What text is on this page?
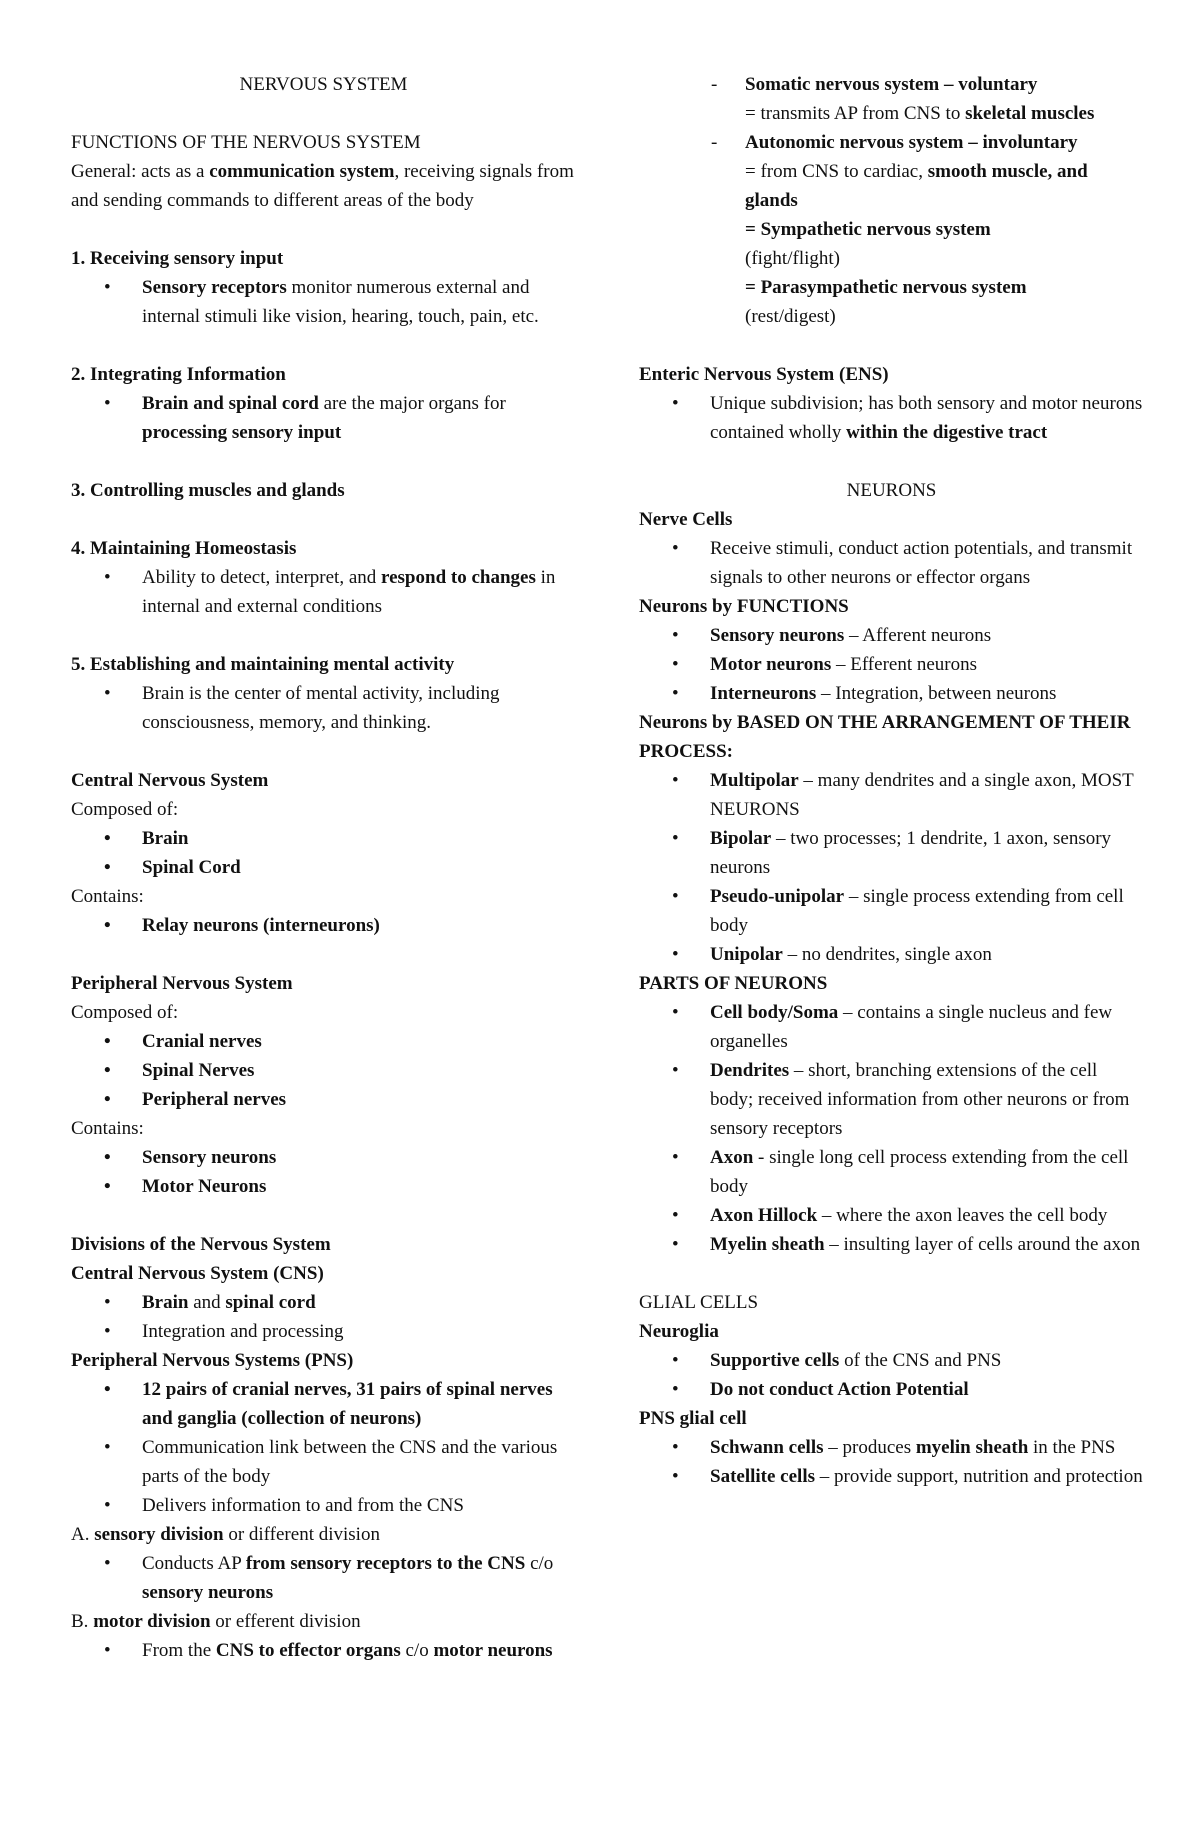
NERVOUS SYSTEM
FUNCTIONS OF THE NERVOUS SYSTEM
General: acts as a communication system, receiving signals from and sending commands to different areas of the body
1. Receiving sensory input
• Sensory receptors monitor numerous external and internal stimuli like vision, hearing, touch, pain, etc.
2. Integrating Information
• Brain and spinal cord are the major organs for processing sensory input
3. Controlling muscles and glands
4. Maintaining Homeostasis
• Ability to detect, interpret, and respond to changes in internal and external conditions
5. Establishing and maintaining mental activity
• Brain is the center of mental activity, including consciousness, memory, and thinking.
Central Nervous System
Composed of:
• Brain
• Spinal Cord
Contains:
• Relay neurons (interneurons)
Peripheral Nervous System
Composed of:
• Cranial nerves
• Spinal Nerves
• Peripheral nerves
Contains:
• Sensory neurons
• Motor Neurons
Divisions of the Nervous System
Central Nervous System (CNS)
• Brain and spinal cord
• Integration and processing
Peripheral Nervous Systems (PNS)
• 12 pairs of cranial nerves, 31 pairs of spinal nerves and ganglia (collection of neurons)
• Communication link between the CNS and the various parts of the body
• Delivers information to and from the CNS
A. sensory division or different division
• Conducts AP from sensory receptors to the CNS c/o sensory neurons
B. motor division or efferent division
• From the CNS to effector organs c/o motor neurons
- Somatic nervous system – voluntary
= transmits AP from CNS to skeletal muscles
- Autonomic nervous system – involuntary
= from CNS to cardiac, smooth muscle, and glands
= Sympathetic nervous system
(fight/flight)
= Parasympathetic nervous system
(rest/digest)
Enteric Nervous System (ENS)
• Unique subdivision; has both sensory and motor neurons contained wholly within the digestive tract
NEURONS
Nerve Cells
• Receive stimuli, conduct action potentials, and transmit signals to other neurons or effector organs
Neurons by FUNCTIONS
• Sensory neurons – Afferent neurons
• Motor neurons – Efferent neurons
• Interneurons – Integration, between neurons
Neurons by BASED ON THE ARRANGEMENT OF THEIR PROCESS:
• Multipolar – many dendrites and a single axon, MOST NEURONS
• Bipolar – two processes; 1 dendrite, 1 axon, sensory neurons
• Pseudo-unipolar – single process extending from cell body
• Unipolar – no dendrites, single axon
PARTS OF NEURONS
• Cell body/Soma – contains a single nucleus and few organelles
• Dendrites – short, branching extensions of the cell body; received information from other neurons or from sensory receptors
• Axon - single long cell process extending from the cell body
• Axon Hillock – where the axon leaves the cell body
• Myelin sheath – insulting layer of cells around the axon
GLIAL CELLS
Neuroglia
• Supportive cells of the CNS and PNS
• Do not conduct Action Potential
PNS glial cell
• Schwann cells – produces myelin sheath in the PNS
• Satellite cells – provide support, nutrition and protection
